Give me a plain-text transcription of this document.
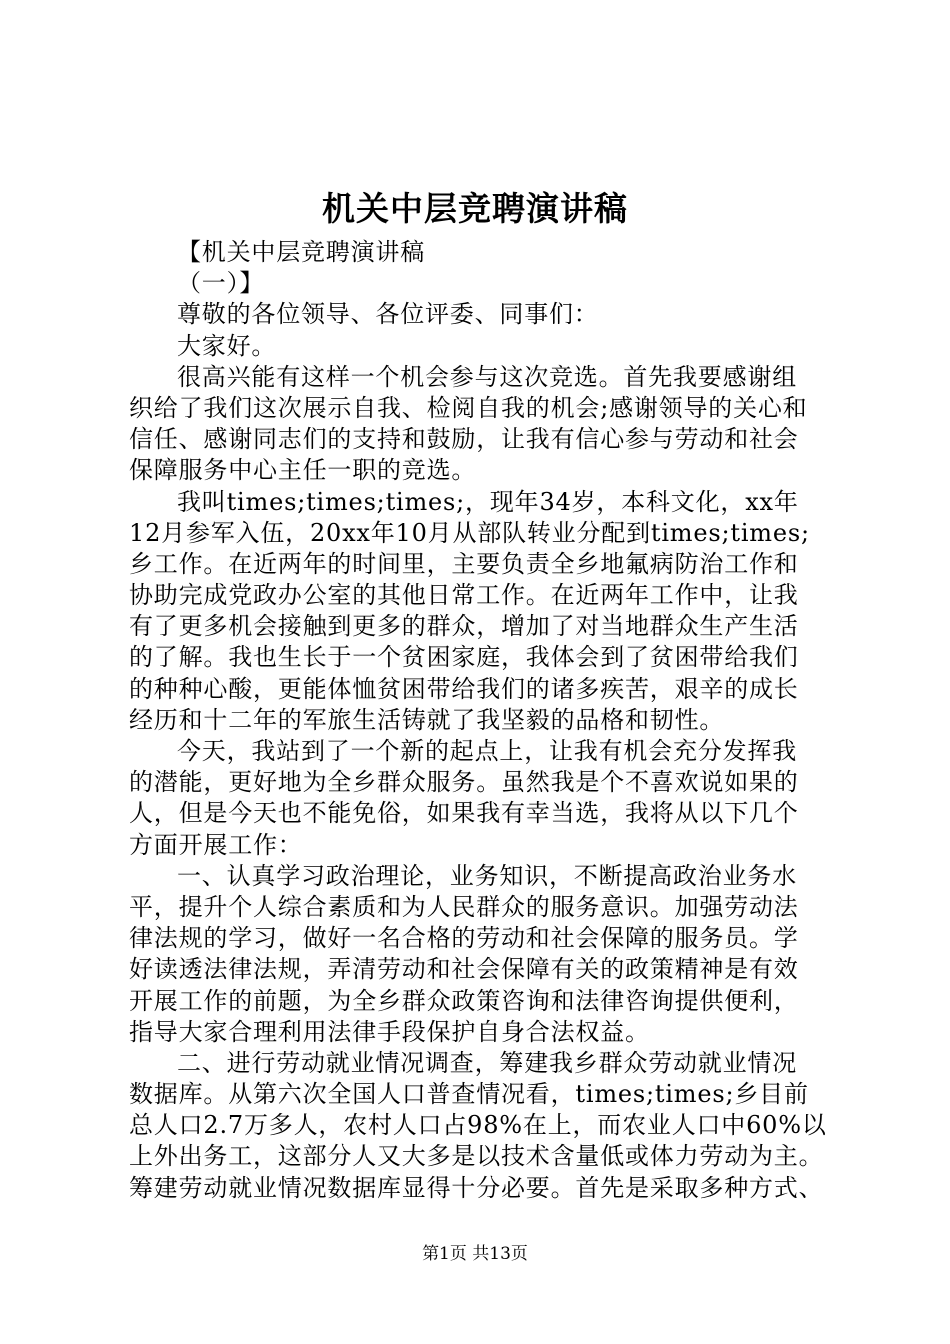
机关中层竞聘演讲稿
【机关中层竞聘演讲稿
（一）】
尊敬的各位领导、各位评委、同事们：
大家好。
很高兴能有这样一个机会参与这次竞选。首先我要感谢组
织给了我们这次展示自我、检阅自我的机会;感谢领导的关心和
信任、感谢同志们的支持和鼓励，让我有信心参与劳动和社会
保障服务中心主任一职的竞选。
我叫times;times;times;，现年34岁，本科文化，xx年
12月参军入伍，20xx年10月从部队转业分配到times;times;
乡工作。在近两年的时间里，主要负责全乡地氟病防治工作和
协助完成党政办公室的其他日常工作。在近两年工作中，让我
有了更多机会接触到更多的群众，增加了对当地群众生产生活
的了解。我也生长于一个贫困家庭，我体会到了贫困带给我们
的种种心酸，更能体恤贫困带给我们的诸多疾苦，艰辛的成长
经历和十二年的军旅生活铸就了我坚毅的品格和韧性。
今天，我站到了一个新的起点上，让我有机会充分发挥我
的潜能，更好地为全乡群众服务。虽然我是个不喜欢说如果的
人，但是今天也不能免俗，如果我有幸当选，我将从以下几个
方面开展工作：
一、认真学习政治理论，业务知识，不断提高政治业务水
平，提升个人综合素质和为人民群众的服务意识。加强劳动法
律法规的学习，做好一名合格的劳动和社会保障的服务员。学
好读透法律法规，弄清劳动和社会保障有关的政策精神是有效
开展工作的前题，为全乡群众政策咨询和法律咨询提供便利，
指导大家合理利用法律手段保护自身合法权益。
二、进行劳动就业情况调查，筹建我乡群众劳动就业情况
数据库。从第六次全国人口普查情况看，times;times;乡目前
总人口2.7万多人，农村人口占98%在上，而农业人口中60%以
上外出务工，这部分人又大多是以技术含量低或体力劳动为主。
筹建劳动就业情况数据库显得十分必要。首先是采取多种方式、
第1页 共13页
